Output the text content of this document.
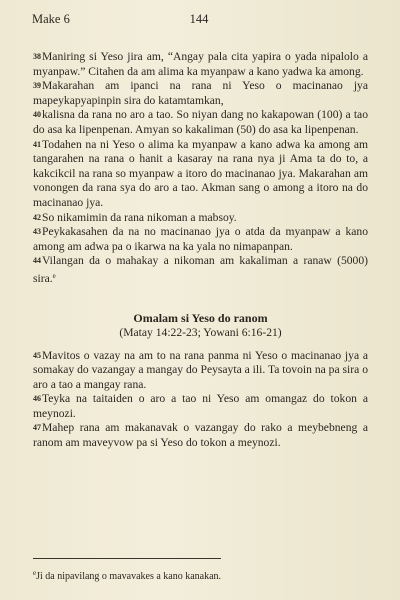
Make 6	144

38Maniring si Yeso jira am, “Angay pala cita yapira o yada nipalolo a myanpaw.” Citahen da am alima ka myanpaw a kano yadwa ka among.

39Makarahan am ipanci na rana ni Yeso o macinanao jya mapeykapyapinpin sira do katamtamkan,

40kalisna da rana no aro a tao. So niyan dang no kakapowan (100) a tao do asa ka lipenpenan. Amyan so kakaliman (50) do asa ka lipenpenan.

41Todahen na ni Yeso o alima ka myanpaw a kano adwa ka among am tangarahen na rana o hanit a kasaray na rana nya ji Ama ta do to, a kakcikcil na rana so myanpaw a itoro do macinanao jya. Makarahan am vonongen da rana sya do aro a tao. Akman sang o among a itoro na do macinanao jya.

42So nikamimin da rana nikoman a mabsoy.

43Peykakasahen da na no macinanao jya o atda da myanpaw a kano among am adwa pa o ikarwa na ka yala no nimapanpan.

44Vilangan da o mahakay a nikoman am kakaliman a ranaw (5000) sira.$^e$

Omalam si Yeso do ranom
(Matay 14:22-23; Yowani 6:16-21)

45Mavitos o vazay na am to na rana panma ni Yeso o macinanao jya a somakay do vazangay a mangay do Peysayta a ili. Ta tovoin na pa sira o aro a tao a mangay rana.

46Teyka na taitaiden o aro a tao ni Yeso am omangaz do tokon a meynozi.

47Mahep rana am makanavak o vazangay do rako a meybebneng a ranom am maveyvow pa si Yeso do tokon a meynozi.

$^e$Ji da nipavilang o mavavakes a kano kanakan.
